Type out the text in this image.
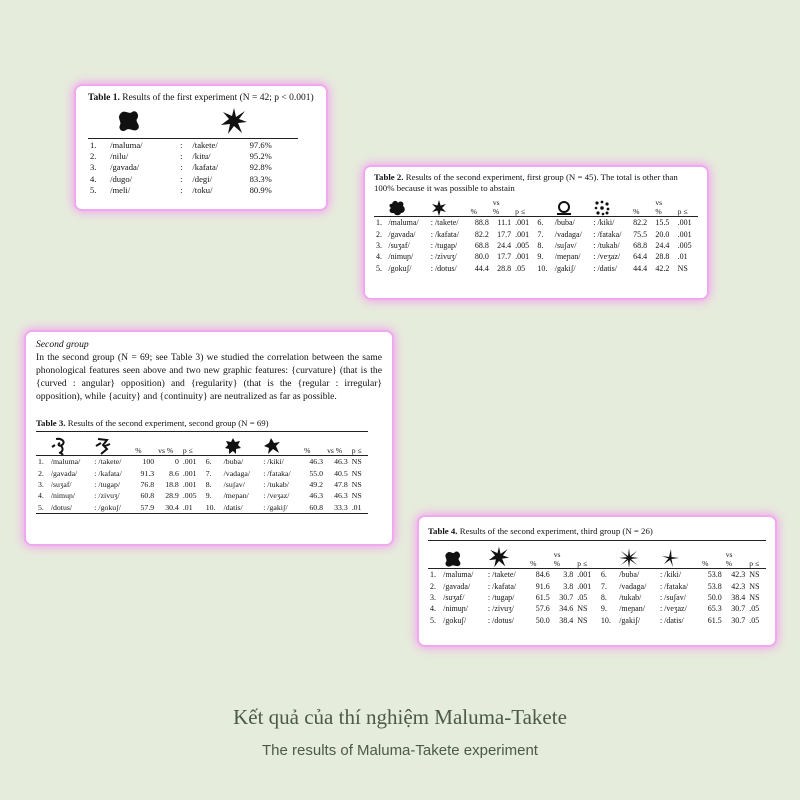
Table 1. Results of the first experiment (N = 42; p < 0.001)
1.	/maluma/	:	/takete/	97.6%
2.	/nilu/	:	/kitu/	95.2%
3.	/gavada/	:	/kafata/	92.8%
4.	/dugo/	:	/degi/	83.3%
5.	/meli/	:	/toku/	80.9%
Table 2. Results of the second experiment, first group (N = 45). The total is other than 100% because it was possible to abstain

	%	vs
%	p ≤				%	vs
%	p ≤
1.	/maluma/	: /takete/	88.8	11.1	.001	6.	/buba/	: /kiki/	82.2	15.5	.001
2.	/gavada/	: /kafata/	82.2	17.7	.001	7.	/vadaga/	: /fataka/	75.5	20.0	.001
3.	/suʒaf/	: /tugap/	68.8	24.4	.005	8.	/suʃav/	: /tukab/	68.8	24.4	.005
4.	/nimuɲ/	: /zivuʒ/	80.0	17.7	.001	9.	/meɲan/	: /veʒaz/	64.4	28.8	.01
5.	/gokuʃ/	: /dotus/	44.4	28.8	.05	10.	/gakiʃ/	: /datis/	44.4	42.2	NS
Second group
In the second group (N = 69; see Table 3) we studied the correlation between the same phonological features seen above and two new graphic features: {curvature} (that is the {curved : angular} opposition) and {regularity} (that is the {regular : irregular} opposition), while {acuity} and {continuity} are neutralized as far as possible.
Table 3. Results of the second experiment, second group (N = 69)

	%	vs %	p ≤				%	vs %	p ≤
1.	/maluma/	: /takete/	100	0	.001	6.	/buba/	: /kiki/	46.3	46.3	NS
2.	/gavada/	: /kafata/	91.3	8.6	.001	7.	/vadaga/	: /fataka/	55.0	40.5	NS
3.	/suʒaf/	: /tugap/	76.8	18.8	.001	8.	/suʃav/	: /tukab/	49.2	47.8	NS
4.	/nimuɲ/	: /zivuʒ/	60.8	28.9	.005	9.	/meɲan/	: /veʒaz/	46.3	46.3	NS
5.	/dotus/	: /gokuʃ/	57.9	30.4	.01	10.	/datis/	: /gakiʃ/	60.8	33.3	.01
Table 4. Results of the second experiment, third group (N = 26)

%	vs
%	p ≤				%	vs
%	p ≤
1.	/maluma/	: /takete/	84.6	3.8	.001	6.	/buba/	: /kiki/	53.8	42.3	NS
2.	/gavada/	: /kafata/	91.6	3.8	.001	7.	/vadaga/	: /fataka/	53.8	42.3	NS
3.	/suʒaf/	: /tugap/	61.5	30.7	.05	8.	/tukab/	: /suʃav/	50.0	38.4	NS
4.	/nimuɲ/	: /zivuʒ/	57.6	34.6	NS	9.	/meɲan/	: /veʒaz/	65.3	30.7	.05
5.	/gokuʃ/	: /dotus/	50.0	38.4	NS	10.	/gakiʃ/	: /datis/	61.5	30.7	.05
Kết quả của thí nghiệm Maluma-Takete
The results of Maluma-Takete experiment
